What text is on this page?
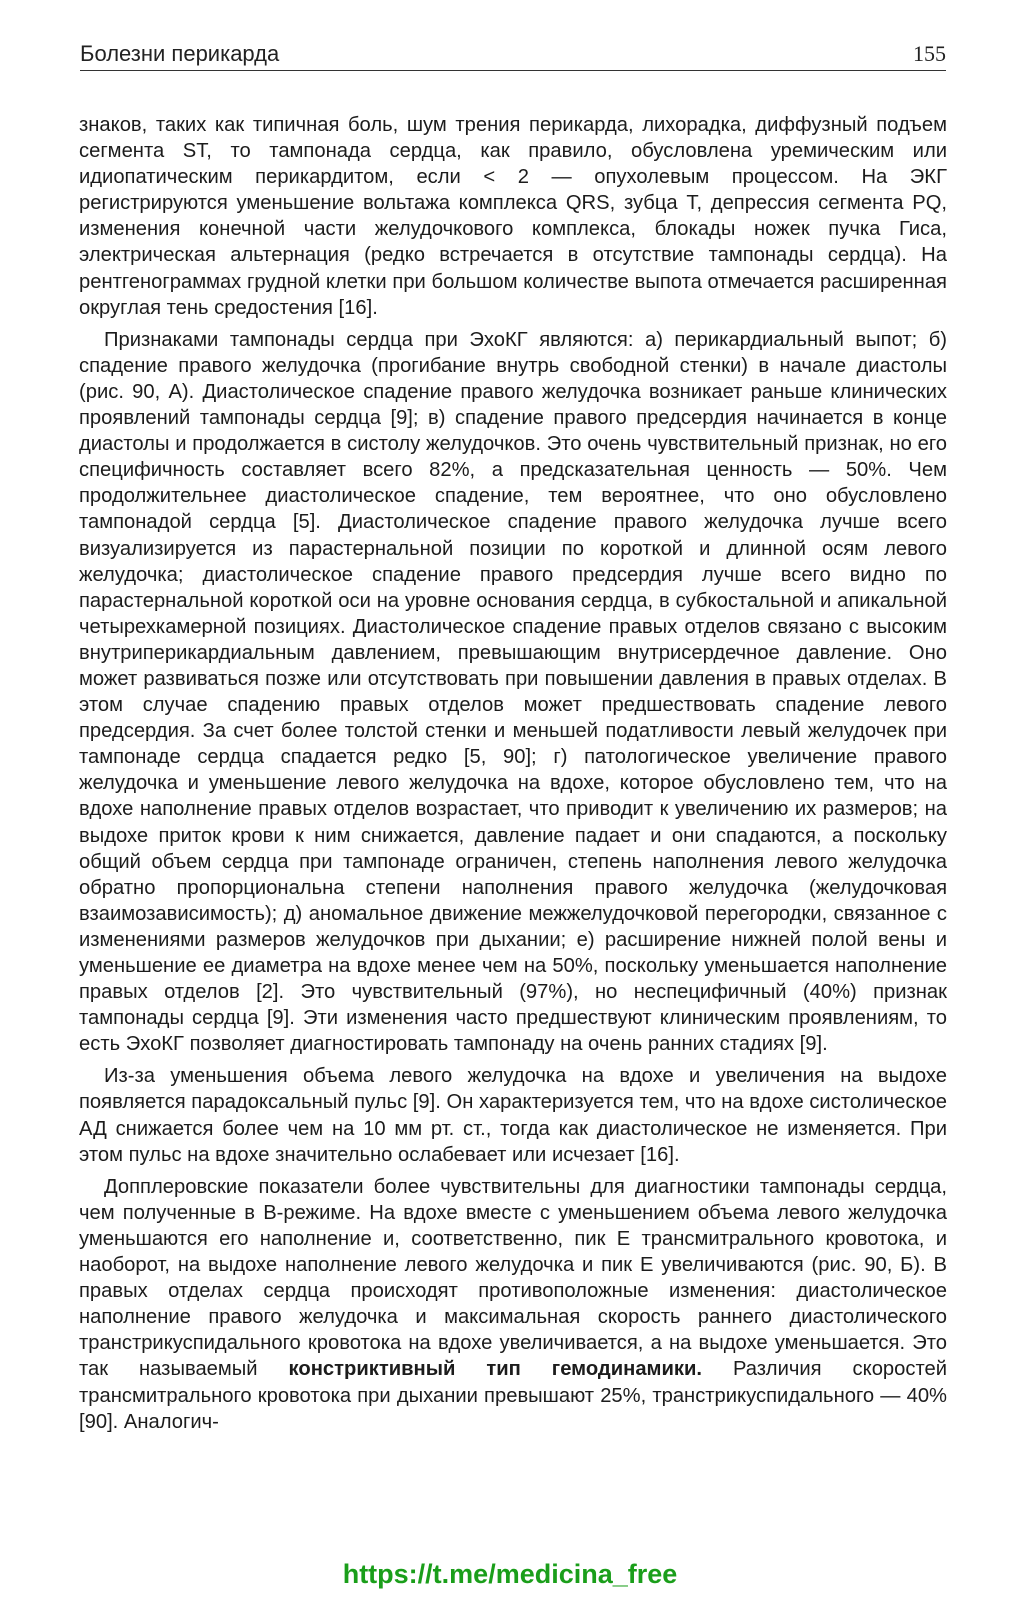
Болезни перикарда	155

знаков, таких как типичная боль, шум трения перикарда, лихорадка, диффузный подъем сегмента ST, то тампонада сердца, как правило, обусловлена уремическим или идиопатическим перикардитом, если < 2 — опухолевым процессом. На ЭКГ регистрируются уменьшение вольтажа комплекса QRS, зубца T, депрессия сегмента PQ, изменения конечной части желудочкового комплекса, блокады ножек пучка Гиса, электрическая альтернация (редко встречается в отсутствие тампонады сердца). На рентгенограммах грудной клетки при большом количестве выпота отмечается расширенная округлая тень средостения [16].

Признаками тампонады сердца при ЭхоКГ являются: а) перикардиальный выпот; б) спадение правого желудочка (прогибание внутрь свободной стенки) в начале диастолы (рис. 90, А). Диастолическое спадение правого желудочка возникает раньше клинических проявлений тампонады сердца [9]; в) спадение правого предсердия начинается в конце диастолы и продолжается в систолу желудочков. Это очень чувствительный признак, но его специфичность составляет всего 82%, а предсказательная ценность — 50%. Чем продолжительнее диастолическое спадение, тем вероятнее, что оно обусловлено тампонадой сердца [5]. Диастолическое спадение правого желудочка лучше всего визуализируется из парастернальной позиции по короткой и длинной осям левого желудочка; диастолическое спадение правого предсердия лучше всего видно по парастернальной короткой оси на уровне основания сердца, в субкостальной и апикальной четырехкамерной позициях. Диастолическое спадение правых отделов связано с высоким внутриперикардиальным давлением, превышающим внутрисердечное давление. Оно может развиваться позже или отсутствовать при повышении давления в правых отделах. В этом случае спадению правых отделов может предшествовать спадение левого предсердия. За счет более толстой стенки и меньшей податливости левый желудочек при тампонаде сердца спадается редко [5, 90]; г) патологическое увеличение правого желудочка и уменьшение левого желудочка на вдохе, которое обусловлено тем, что на вдохе наполнение правых отделов возрастает, что приводит к увеличению их размеров; на выдохе приток крови к ним снижается, давление падает и они спадаются, а поскольку общий объем сердца при тампонаде ограничен, степень наполнения левого желудочка обратно пропорциональна степени наполнения правого желудочка (желудочковая взаимозависимость); д) аномальное движение межжелудочковой перегородки, связанное с изменениями размеров желудочков при дыхании; е) расширение нижней полой вены и уменьшение ее диаметра на вдохе менее чем на 50%, поскольку уменьшается наполнение правых отделов [2]. Это чувствительный (97%), но неспецифичный (40%) признак тампонады сердца [9]. Эти изменения часто предшествуют клиническим проявлениям, то есть ЭхоКГ позволяет диагностировать тампонаду на очень ранних стадиях [9].

Из-за уменьшения объема левого желудочка на вдохе и увеличения на выдохе появляется парадоксальный пульс [9]. Он характеризуется тем, что на вдохе систолическое АД снижается более чем на 10 мм рт. ст., тогда как диастолическое не изменяется. При этом пульс на вдохе значительно ослабевает или исчезает [16].

Допплеровские показатели более чувствительны для диагностики тампонады сердца, чем полученные в В-режиме. На вдохе вместе с уменьшением объема левого желудочка уменьшаются его наполнение и, соответственно, пик Е трансмитрального кровотока, и наоборот, на выдохе наполнение левого желудочка и пик Е увеличиваются (рис. 90, Б). В правых отделах сердца происходят противоположные изменения: диастолическое наполнение правого желудочка и максимальная скорость раннего диастолического транстрикуспидального кровотока на вдохе увеличивается, а на выдохе уменьшается. Это так называемый констриктивный тип гемодинамики. Различия скоростей трансмитрального кровотока при дыхании превышают 25%, транстрикуспидального — 40% [90]. Аналогич-

https://t.me/medicina_free
